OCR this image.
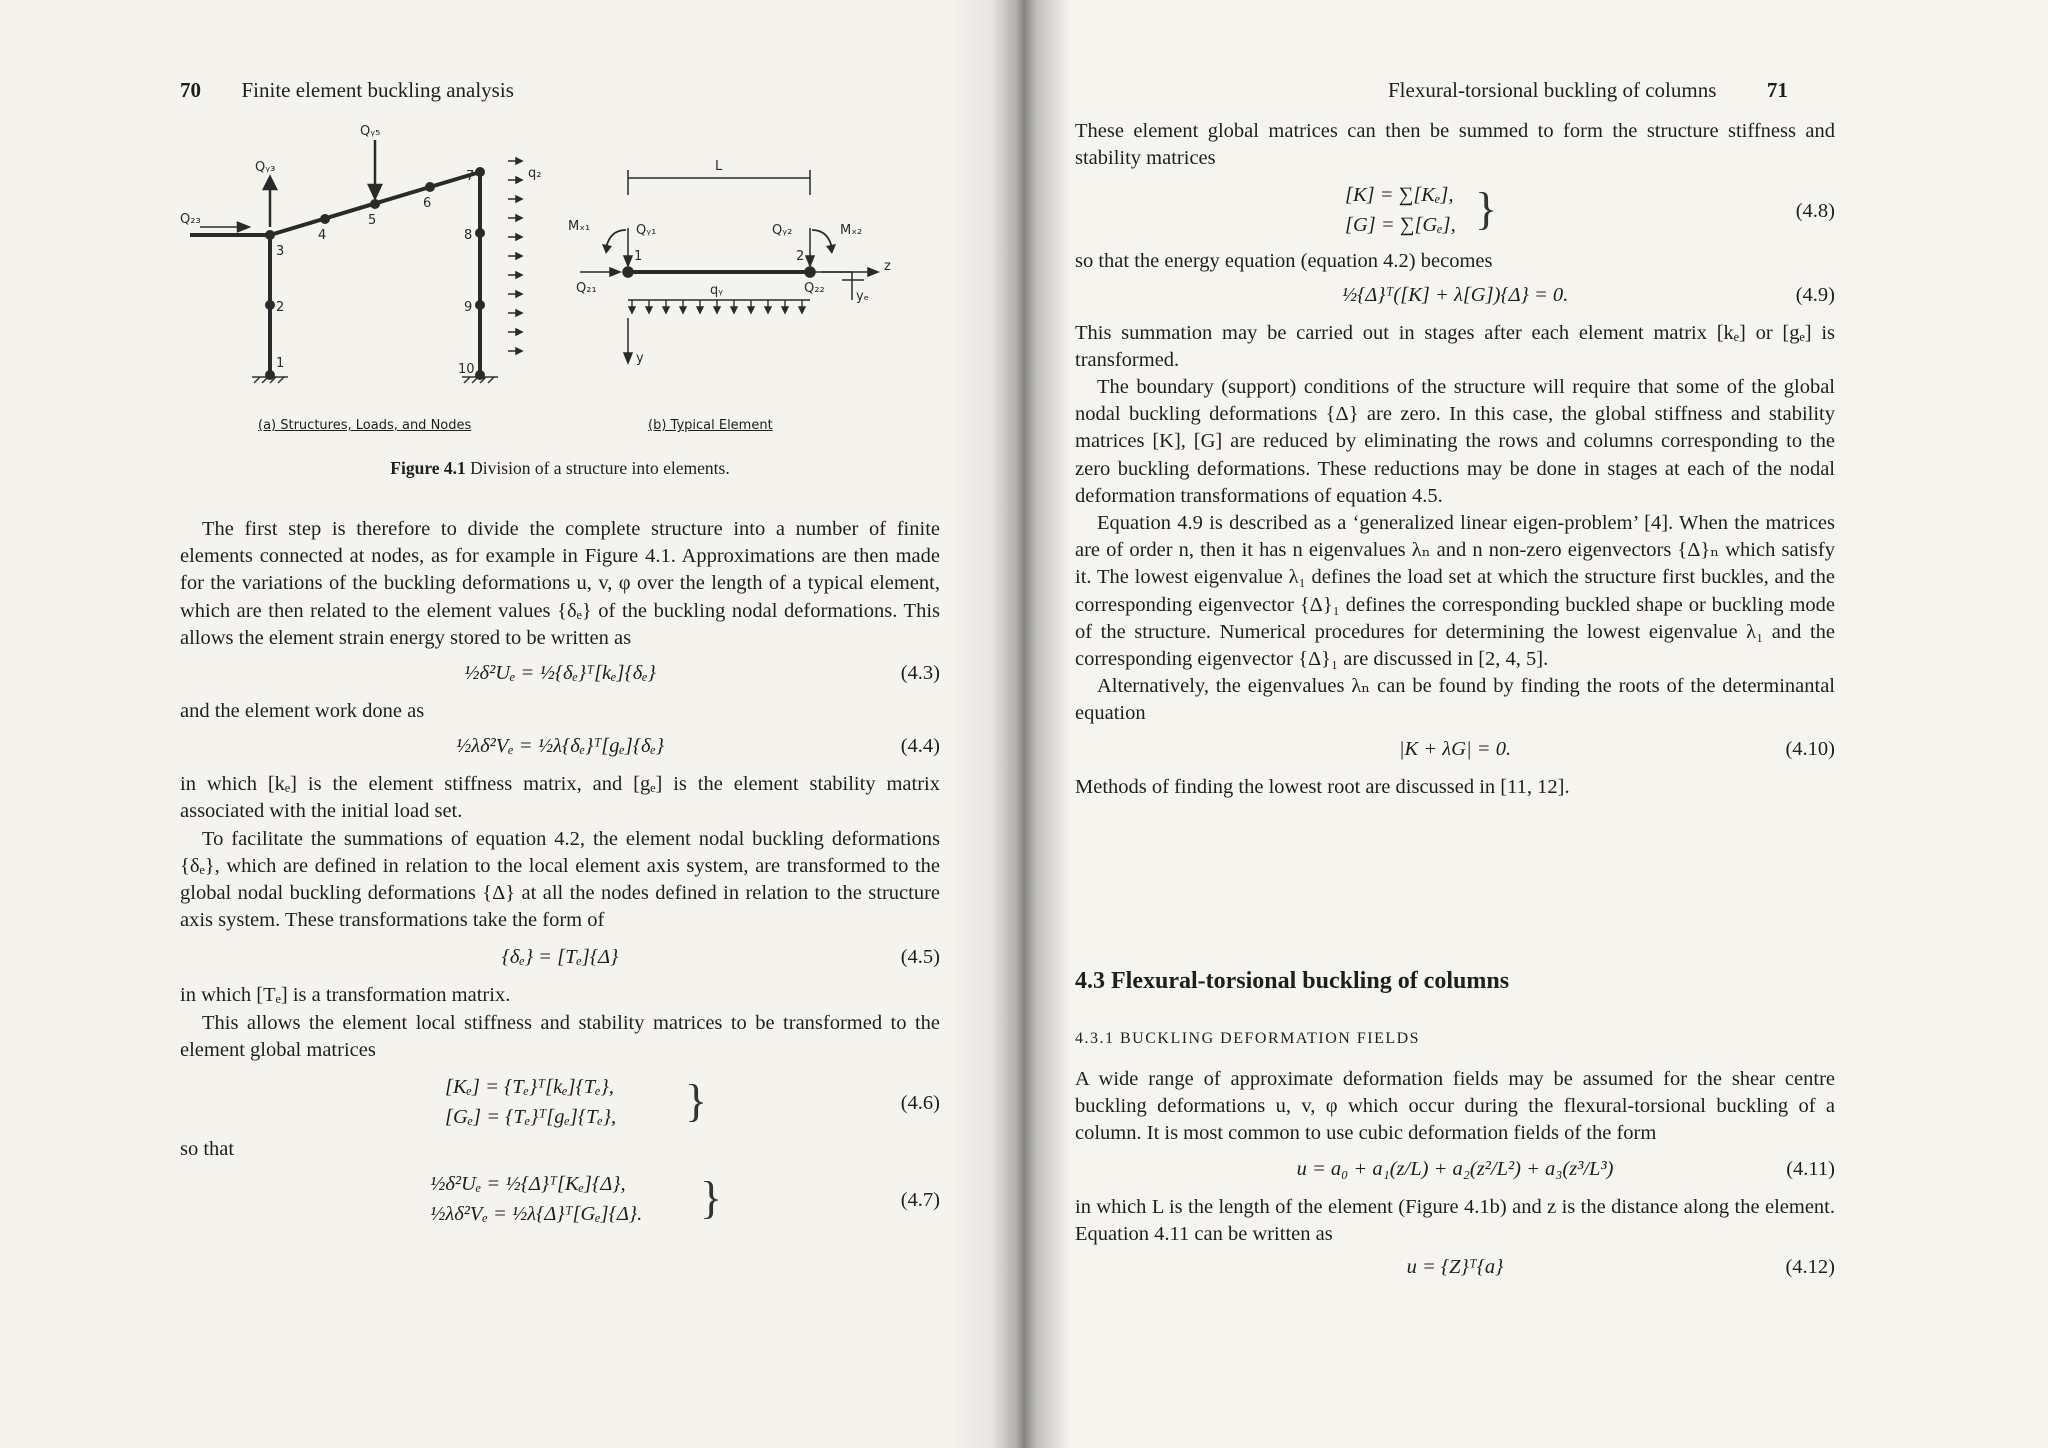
70 Finite element buckling analysis
Qᵧ₅
Qᵧ₃
Q₂₃
q₂
3
2
1
4
5
6
7
8
9
10
L
Mₓ₁	Qᵧ₁	Qᵧ₂	Mₓ₂
1	2
z
Q₂₁	qᵧ	Q₂₂
yₑ
y
(a) Structures, Loads, and Nodes	(b) Typical Element
Figure 4.1 Division of a structure into elements.

The first step is therefore to divide the complete structure into a number of finite elements connected at nodes, as for example in Figure 4.1. Approximations are then made for the variations of the buckling deformations u, v, φ over the length of a typical element, which are then related to the element values {δₑ} of the buckling nodal deformations. This allows the element strain energy stored to be written as

½δ²Uₑ = ½{δₑ}ᵀ[kₑ]{δₑ}	(4.3)

and the element work done as

½λδ²Vₑ = ½λ{δₑ}ᵀ[gₑ]{δₑ}	(4.4)

in which [kₑ] is the element stiffness matrix, and [gₑ] is the element stability matrix associated with the initial load set.

To facilitate the summations of equation 4.2, the element nodal buckling deformations {δₑ}, which are defined in relation to the local element axis system, are transformed to the global nodal buckling deformations {Δ} at all the nodes defined in relation to the structure axis system. These transformations take the form of

{δₑ} = [Tₑ]{Δ}	(4.5)

in which [Tₑ] is a transformation matrix.

This allows the element local stiffness and stability matrices to be transformed to the element global matrices

[Kₑ] = {Tₑ}ᵀ[kₑ]{Tₑ},
[Gₑ] = {Tₑ}ᵀ[gₑ]{Tₑ}, }	(4.6)

so that

½δ²Uₑ = ½{Δ}ᵀ[Kₑ]{Δ},
½λδ²Vₑ = ½λ{Δ}ᵀ[Gₑ]{Δ}. }	(4.7)
Flexural-torsional buckling of columns 71

These element global matrices can then be summed to form the structure stiffness and stability matrices

[K] = ∑[Kₑ],
[G] = ∑[Gₑ], }	(4.8)

so that the energy equation (equation 4.2) becomes

½{Δ}ᵀ([K] + λ[G]){Δ} = 0.	(4.9)

This summation may be carried out in stages after each element matrix [kₑ] or [gₑ] is transformed.

The boundary (support) conditions of the structure will require that some of the global nodal buckling deformations {Δ} are zero. In this case, the global stiffness and stability matrices [K], [G] are reduced by eliminating the rows and columns corresponding to the zero buckling deformations. These reductions may be done in stages at each of the nodal deformation transformations of equation 4.5.

Equation 4.9 is described as a ‘generalized linear eigen-problem’ [4]. When the matrices are of order n, then it has n eigenvalues λₙ and n non-zero eigenvectors {Δ}ₙ which satisfy it. The lowest eigenvalue λ₁ defines the load set at which the structure first buckles, and the corresponding eigenvector {Δ}₁ defines the corresponding buckled shape or buckling mode of the structure. Numerical procedures for determining the lowest eigenvalue λ₁ and the corresponding eigenvector {Δ}₁ are discussed in [2, 4, 5].

Alternatively, the eigenvalues λₙ can be found by finding the roots of the determinantal equation

|K + λG| = 0.	(4.10)

Methods of finding the lowest root are discussed in [11, 12].

4.3 Flexural-torsional buckling of columns
4.3.1 BUCKLING DEFORMATION FIELDS

A wide range of approximate deformation fields may be assumed for the shear centre buckling deformations u, v, φ which occur during the flexural-torsional buckling of a column. It is most common to use cubic deformation fields of the form

u = a₀ + a₁(z/L) + a₂(z²/L²) + a₃(z³/L³)	(4.11)

in which L is the length of the element (Figure 4.1b) and z is the distance along the element. Equation 4.11 can be written as

u = {Z}ᵀ{a}	(4.12)
